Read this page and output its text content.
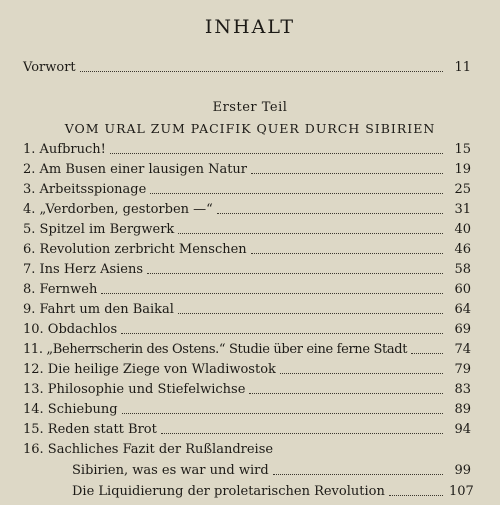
INHALT
Vorwort	11
Erster Teil
VOM URAL ZUM PACIFIK QUER DURCH SIBIRIEN
1. Aufbruch!	15
2. Am Busen einer lausigen Natur	19
3. Arbeitsspionage	25
4. „Verdorben, gestorben —“	31
5. Spitzel im Bergwerk	40
6. Revolution zerbricht Menschen	46
7. Ins Herz Asiens	58
8. Fernweh	60
9. Fahrt um den Baikal	64
10. Obdachlos	69
11. „Beherrscherin des Ostens.“ Studie über eine ferne Stadt	74
12. Die heilige Ziege von Wladiwostok	79
13. Philosophie und Stiefelwichse	83
14. Schiebung	89
15. Reden statt Brot	94
16. Sachliches Fazit der Rußlandreise
Sibirien, was es war und wird	99
Die Liquidierung der proletarischen Revolution	107
